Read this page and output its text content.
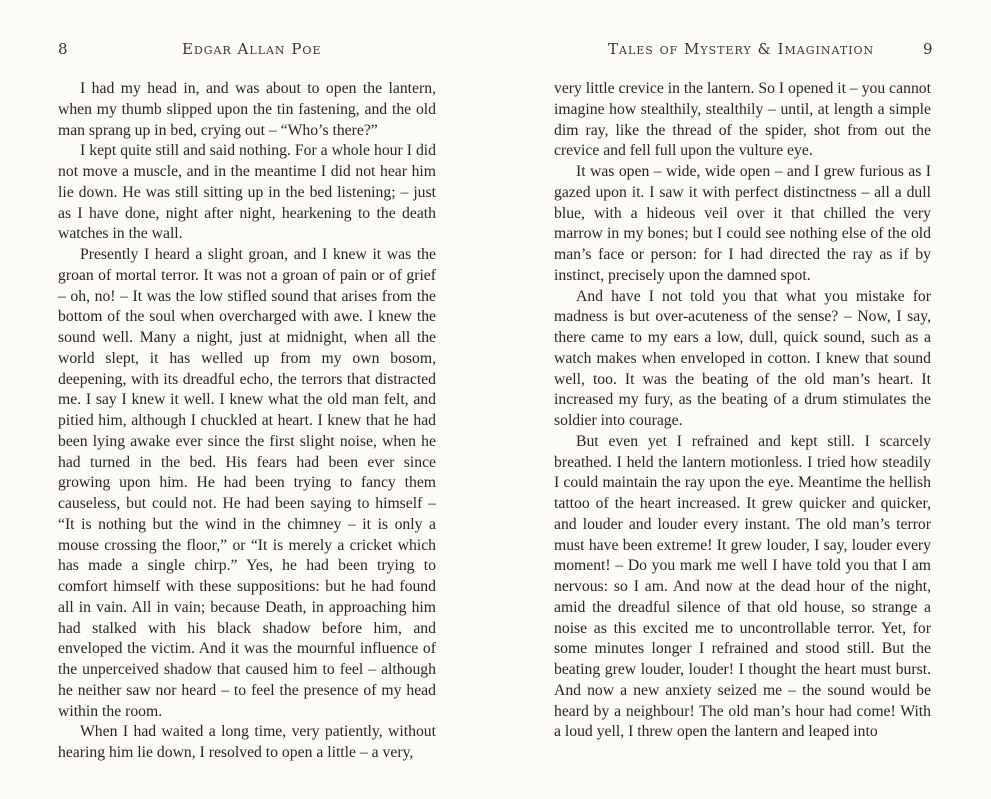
8	Edgar Allan Poe

I had my head in, and was about to open the lantern, when my thumb slipped upon the tin fastening, and the old man sprang up in bed, crying out – “Who’s there?”

I kept quite still and said nothing. For a whole hour I did not move a muscle, and in the meantime I did not hear him lie down. He was still sitting up in the bed listening; – just as I have done, night after night, hearkening to the death watches in the wall.

Presently I heard a slight groan, and I knew it was the groan of mortal terror. It was not a groan of pain or of grief – oh, no! – It was the low stifled sound that arises from the bottom of the soul when overcharged with awe. I knew the sound well. Many a night, just at midnight, when all the world slept, it has welled up from my own bosom, deepening, with its dreadful echo, the terrors that distracted me. I say I knew it well. I knew what the old man felt, and pitied him, although I chuckled at heart. I knew that he had been lying awake ever since the first slight noise, when he had turned in the bed. His fears had been ever since growing upon him. He had been trying to fancy them causeless, but could not. He had been saying to himself – “It is nothing but the wind in the chimney – it is only a mouse crossing the floor,” or “It is merely a cricket which has made a single chirp.” Yes, he had been trying to comfort himself with these suppositions: but he had found all in vain. All in vain; because Death, in approaching him had stalked with his black shadow before him, and enveloped the victim. And it was the mournful influence of the unperceived shadow that caused him to feel – although he neither saw nor heard – to feel the presence of my head within the room.

When I had waited a long time, very patiently, without hearing him lie down, I resolved to open a little – a very,

Tales of Mystery & Imagination	9

very little crevice in the lantern. So I opened it – you cannot imagine how stealthily, stealthily – until, at length a simple dim ray, like the thread of the spider, shot from out the crevice and fell full upon the vulture eye.

It was open – wide, wide open – and I grew furious as I gazed upon it. I saw it with perfect distinctness – all a dull blue, with a hideous veil over it that chilled the very marrow in my bones; but I could see nothing else of the old man’s face or person: for I had directed the ray as if by instinct, precisely upon the damned spot.

And have I not told you that what you mistake for madness is but over-acuteness of the sense? – Now, I say, there came to my ears a low, dull, quick sound, such as a watch makes when enveloped in cotton. I knew that sound well, too. It was the beating of the old man’s heart. It increased my fury, as the beating of a drum stimulates the soldier into courage.

But even yet I refrained and kept still. I scarcely breathed. I held the lantern motionless. I tried how steadily I could maintain the ray upon the eye. Meantime the hellish tattoo of the heart increased. It grew quicker and quicker, and louder and louder every instant. The old man’s terror must have been extreme! It grew louder, I say, louder every moment! – Do you mark me well I have told you that I am nervous: so I am. And now at the dead hour of the night, amid the dreadful silence of that old house, so strange a noise as this excited me to uncontrollable terror. Yet, for some minutes longer I refrained and stood still. But the beating grew louder, louder! I thought the heart must burst. And now a new anxiety seized me – the sound would be heard by a neighbour! The old man’s hour had come! With a loud yell, I threw open the lantern and leaped into
